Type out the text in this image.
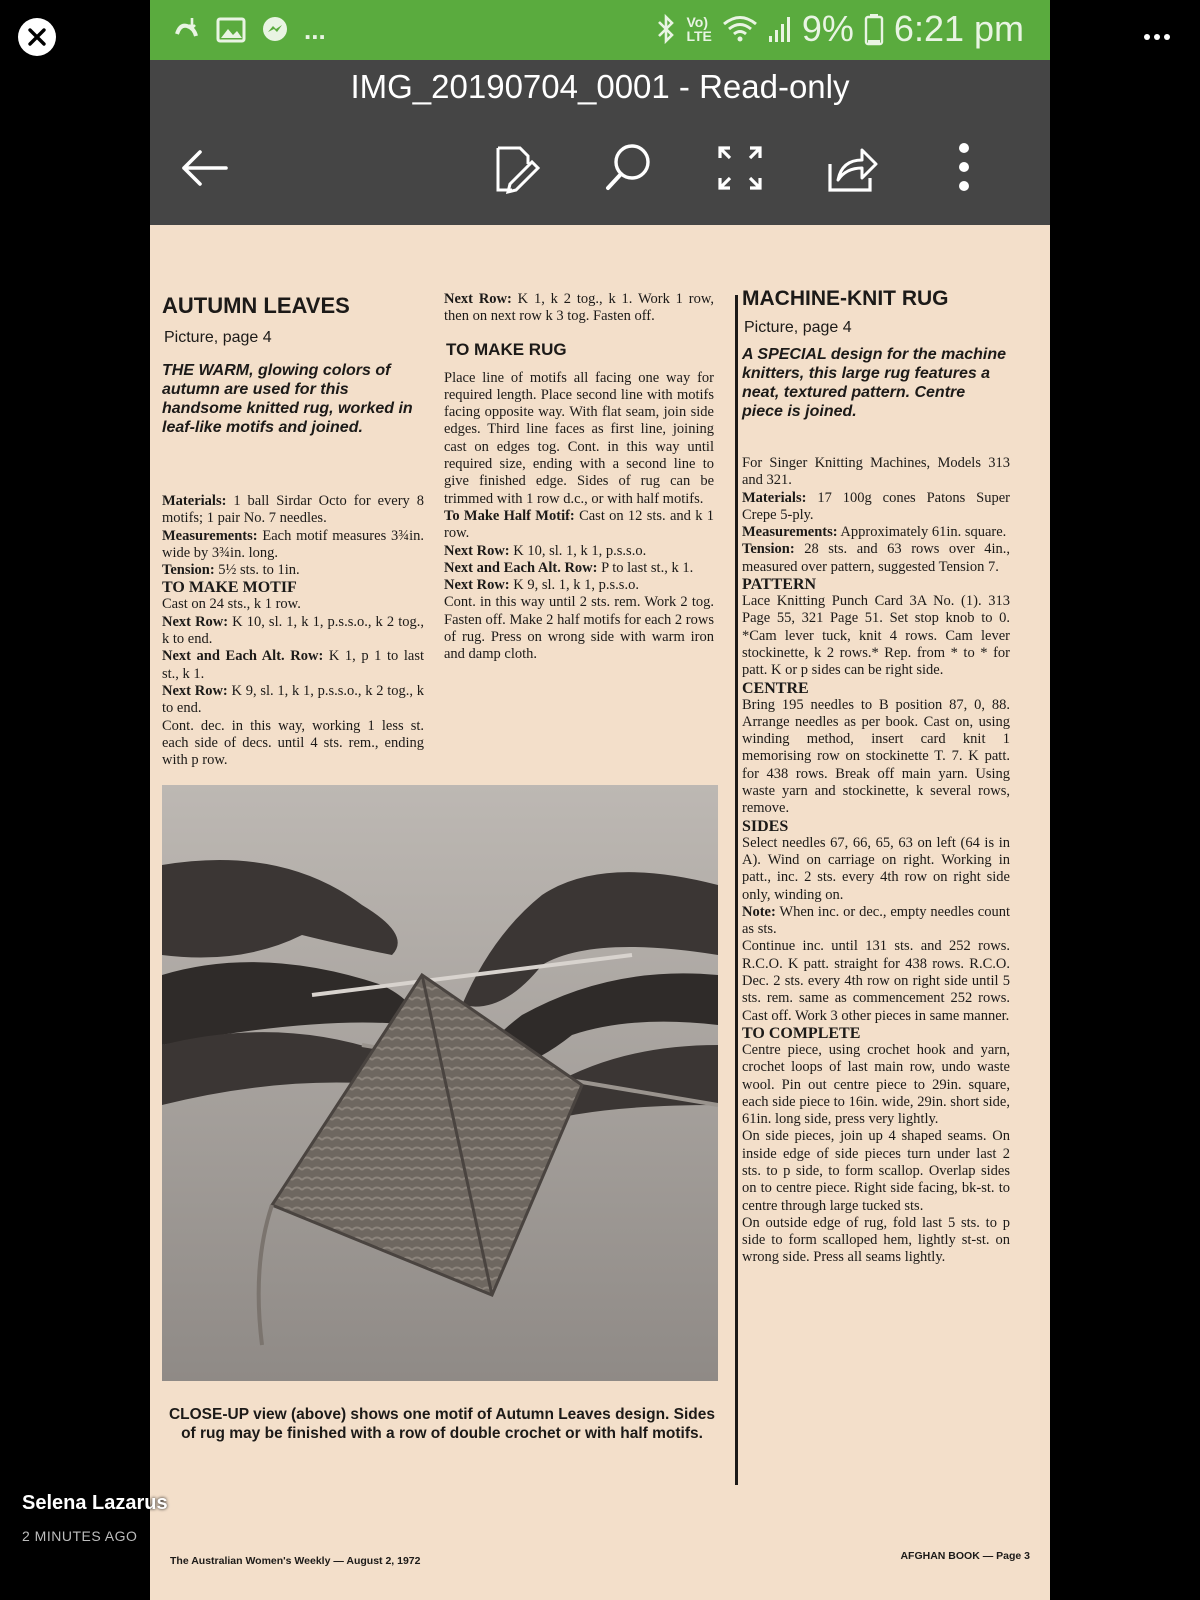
...	Vo)
LTE	9% 6:21 pm
IMG_20190704_0001 - Read-only
AUTUMN LEAVES
Picture, page 4
THE WARM, glowing colors of autumn are used for this handsome knitted rug, worked in leaf-like motifs and joined.
Materials: 1 ball Sirdar Octo for every 8 motifs; 1 pair No. 7 needles.
Measurements: Each motif measures 3¾in. wide by 3¾in. long.
Tension: 5½ sts. to 1in.
TO MAKE MOTIF
Cast on 24 sts., k 1 row.
Next Row: K 10, sl. 1, k 1, p.s.s.o., k 2 tog., k to end.
Next and Each Alt. Row: K 1, p 1 to last st., k 1.
Next Row: K 9, sl. 1, k 1, p.s.s.o., k 2 tog., k to end.
Cont. dec. in this way, working 1 less st. each side of decs. until 4 sts. rem., ending with p row.
Next Row: K 1, k 2 tog., k 1. Work 1 row, then on next row k 3 tog. Fasten off.
TO MAKE RUG
Place line of motifs all facing one way for required length. Place second line with motifs facing opposite way. With flat seam, join side edges. Third line faces as first line, joining cast on edges tog. Cont. in this way until required size, ending with a second line to give finished edge. Sides of rug can be trimmed with 1 row d.c., or with half motifs.
To Make Half Motif: Cast on 12 sts. and k 1 row.
Next Row: K 10, sl. 1, k 1, p.s.s.o.
Next and Each Alt. Row: P to last st., k 1.
Next Row: K 9, sl. 1, k 1, p.s.s.o.
Cont. in this way until 2 sts. rem. Work 2 tog. Fasten off. Make 2 half motifs for each 2 rows of rug. Press on wrong side with warm iron and damp cloth.
CLOSE-UP view (above) shows one motif of Autumn Leaves design. Sides of rug may be finished with a row of double crochet or with half motifs.
MACHINE-KNIT RUG
Picture, page 4
A SPECIAL design for the machine knitters, this large rug features a neat, textured pattern. Centre piece is joined.
For Singer Knitting Machines, Models 313 and 321.
Materials: 17 100g cones Patons Super Crepe 5-ply.
Measurements: Approximately 61in. square.
Tension: 28 sts. and 63 rows over 4in., measured over pattern, suggested Tension 7.
PATTERN
Lace Knitting Punch Card 3A No. (1). 313 Page 55, 321 Page 51. Set stop knob to 0. *Cam lever tuck, knit 4 rows. Cam lever stockinette, k 2 rows.* Rep. from * to * for patt. K or p sides can be right side.
CENTRE
Bring 195 needles to B position 87, 0, 88. Arrange needles as per book. Cast on, using winding method, insert card knit 1 memorising row on stockinette T. 7. K patt. for 438 rows. Break off main yarn. Using waste yarn and stockinette, k several rows, remove.
SIDES
Select needles 67, 66, 65, 63 on left (64 is in A). Wind on carriage on right. Working in patt., inc. 2 sts. every 4th row on right side only, winding on.
Note: When inc. or dec., empty needles count as sts.
Continue inc. until 131 sts. and 252 rows. R.C.O. K patt. straight for 438 rows. R.C.O. Dec. 2 sts. every 4th row on right side until 5 sts. rem. same as commencement 252 rows. Cast off. Work 3 other pieces in same manner.
TO COMPLETE
Centre piece, using crochet hook and yarn, crochet loops of last main row, undo waste wool. Pin out centre piece to 29in. square, each side piece to 16in. wide, 29in. short side, 61in. long side, press very lightly.
On side pieces, join up 4 shaped seams. On inside edge of side pieces turn under last 2 sts. to p side, to form scallop. Overlap sides on to centre piece. Right side facing, bk-st. to centre through large tucked sts.
On outside edge of rug, fold last 5 sts. to p side to form scalloped hem, lightly st-st. on wrong side. Press all seams lightly.
The Australian Women's Weekly — August 2, 1972	AFGHAN BOOK — Page 3
Selena Lazarus
2 MINUTES AGO
